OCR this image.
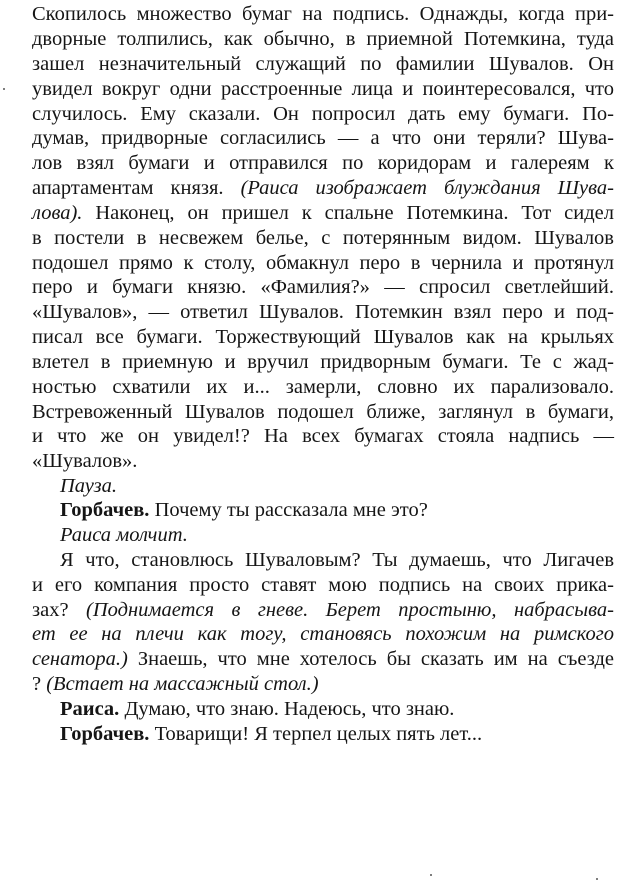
Скопилось множество бумаг на подпись. Однажды, когда при-
дворные толпились, как обычно, в приемной Потемкина, туда
зашел незначительный служащий по фамилии Шувалов. Он
увидел вокруг одни расстроенные лица и поинтересовался, что
случилось. Ему сказали. Он попросил дать ему бумаги. По-
думав, придворные согласились — а что они теряли? Шува-
лов взял бумаги и отправился по коридорам и галереям к
апартаментам князя. (Раиса изображает блуждания Шува-
лова). Наконец, он пришел к спальне Потемкина. Тот сидел
в постели в несвежем белье, с потерянным видом. Шувалов
подошел прямо к столу, обмакнул перо в чернила и протянул
перо и бумаги князю. «Фамилия?» — спросил светлейший.
«Шувалов», — ответил Шувалов. Потемкин взял перо и под-
писал все бумаги. Торжествующий Шувалов как на крыльях
влетел в приемную и вручил придворным бумаги. Те с жад-
ностью схватили их и... замерли, словно их парализовало.
Встревоженный Шувалов подошел ближе, заглянул в бумаги,
и что же он увидел!? На всех бумагах стояла надпись —
«Шувалов».
Пауза.
Горбачев. Почему ты рассказала мне это?
Раиса молчит.
Я что, становлюсь Шуваловым? Ты думаешь, что Лигачев
и его компания просто ставят мою подпись на своих прика-
зах? (Поднимается в гневе. Берет простыню, набрасыва-
ет ее на плечи как тогу, становясь похожим на римского
сенатора.) Знаешь, что мне хотелось бы сказать им на съезде
? (Встает на массажный стол.)
Раиса. Думаю, что знаю. Надеюсь, что знаю.
Горбачев. Товарищи! Я терпел целых пять лет...
